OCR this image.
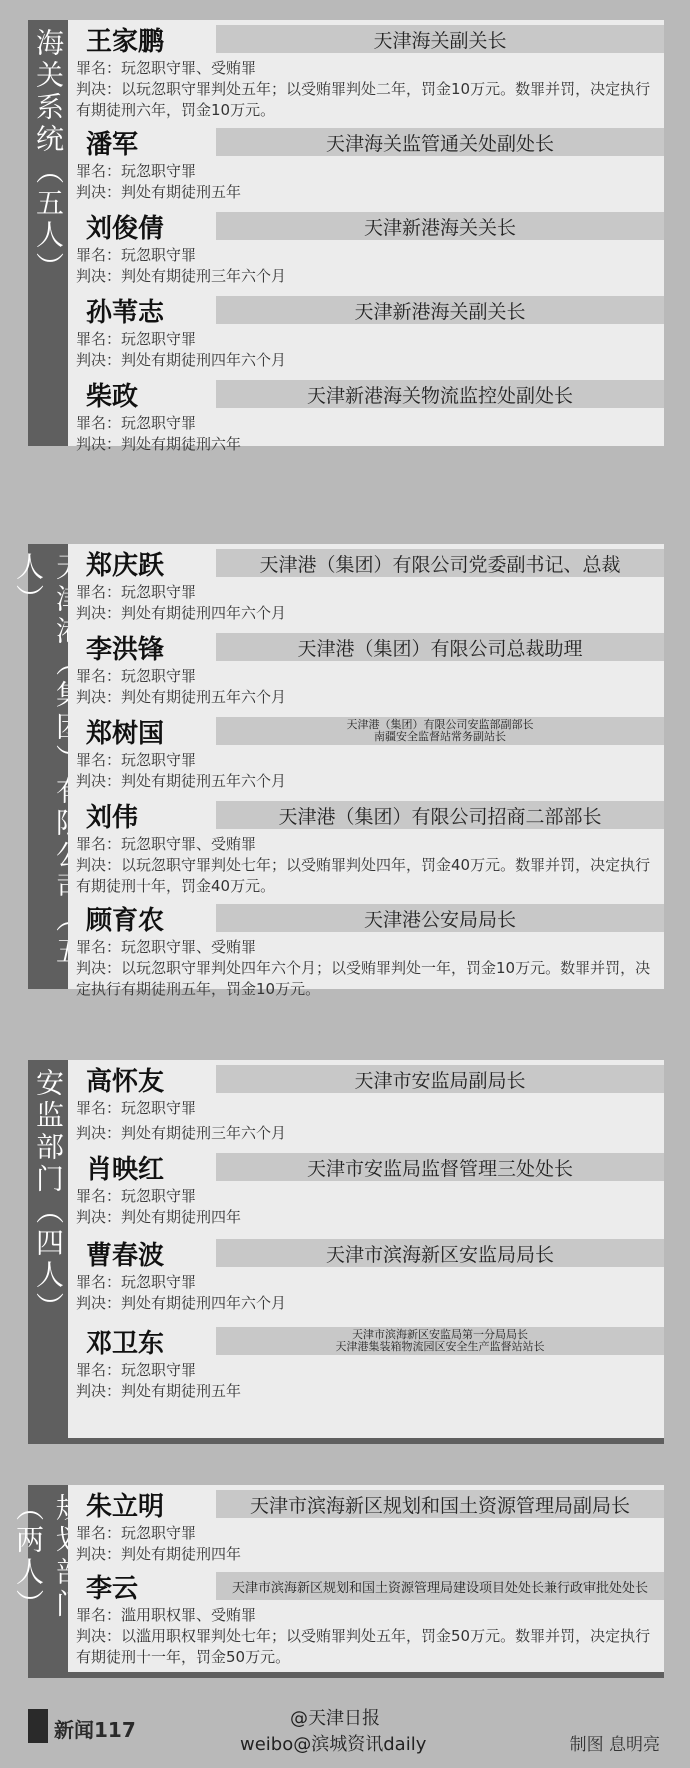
海关系统（五人） 王家鹏	天津海关副关长
罪名：玩忽职守罪、受贿罪
判决：以玩忽职守罪判处五年；以受贿罪判处二年，罚金10万元。数罪并罚，决定执行有期徒刑六年，罚金10万元。
潘军	天津海关监管通关处副处长
罪名：玩忽职守罪
判决：判处有期徒刑五年
刘俊倩	天津新港海关关长
罪名：玩忽职守罪
判决：判处有期徒刑三年六个月
孙苇志	天津新港海关副关长
罪名：玩忽职守罪
判决：判处有期徒刑四年六个月
柴政	天津新港海关物流监控处副处长
罪名：玩忽职守罪
判决：判处有期徒刑六年
人）
郑庆跃	天津港（集团）有限公司党委副书记、总裁
罪名：玩忽职守罪
判决：判处有期徒刑四年六个月
李洪锋	天津港（集团）有限公司总裁助理
罪名：玩忽职守罪
判决：判处有期徒刑五年六个月
郑树国	天津港（集团）有限公司安监部副部长
南疆安全监督站常务副站长
罪名：玩忽职守罪
判决：判处有期徒刑五年六个月
刘伟	天津港（集团）有限公司招商二部部长
罪名：玩忽职守罪、受贿罪
判决：以玩忽职守罪判处七年；以受贿罪判处四年，罚金40万元。数罪并罚，决定执行有期徒刑十年，罚金40万元。
顾育农	天津港公安局局长
罪名：玩忽职守罪、受贿罪
判决：以玩忽职守罪判处四年六个月；以受贿罪判处一年，罚金10万元。数罪并罚，决定执行有期徒刑五年，罚金10万元。
安监部门（四人） 高怀友	天津市安监局副局长
罪名：玩忽职守罪
判决：判处有期徒刑三年六个月
肖映红	天津市安监局监督管理三处处长
罪名：玩忽职守罪
判决：判处有期徒刑四年
曹春波	天津市滨海新区安监局局长
罪名：玩忽职守罪
判决：判处有期徒刑四年六个月
邓卫东	天津市滨海新区安监局第一分局局长
天津港集装箱物流园区安全生产监督站站长
罪名：玩忽职守罪
判决：判处有期徒刑五年
（两人）
朱立明	天津市滨海新区规划和国土资源管理局副局长
罪名：玩忽职守罪
判决：判处有期徒刑四年
李云	天津市滨海新区规划和国土资源管理局建设项目处处长兼行政审批处处长
罪名：滥用职权罪、受贿罪
判决：以滥用职权罪判处七年；以受贿罪判处五年，罚金50万元。数罪并罚，决定执行有期徒刑十一年，罚金50万元。
新闻117	@天津日报
weibo@滨城资讯daily	制图 息明亮
